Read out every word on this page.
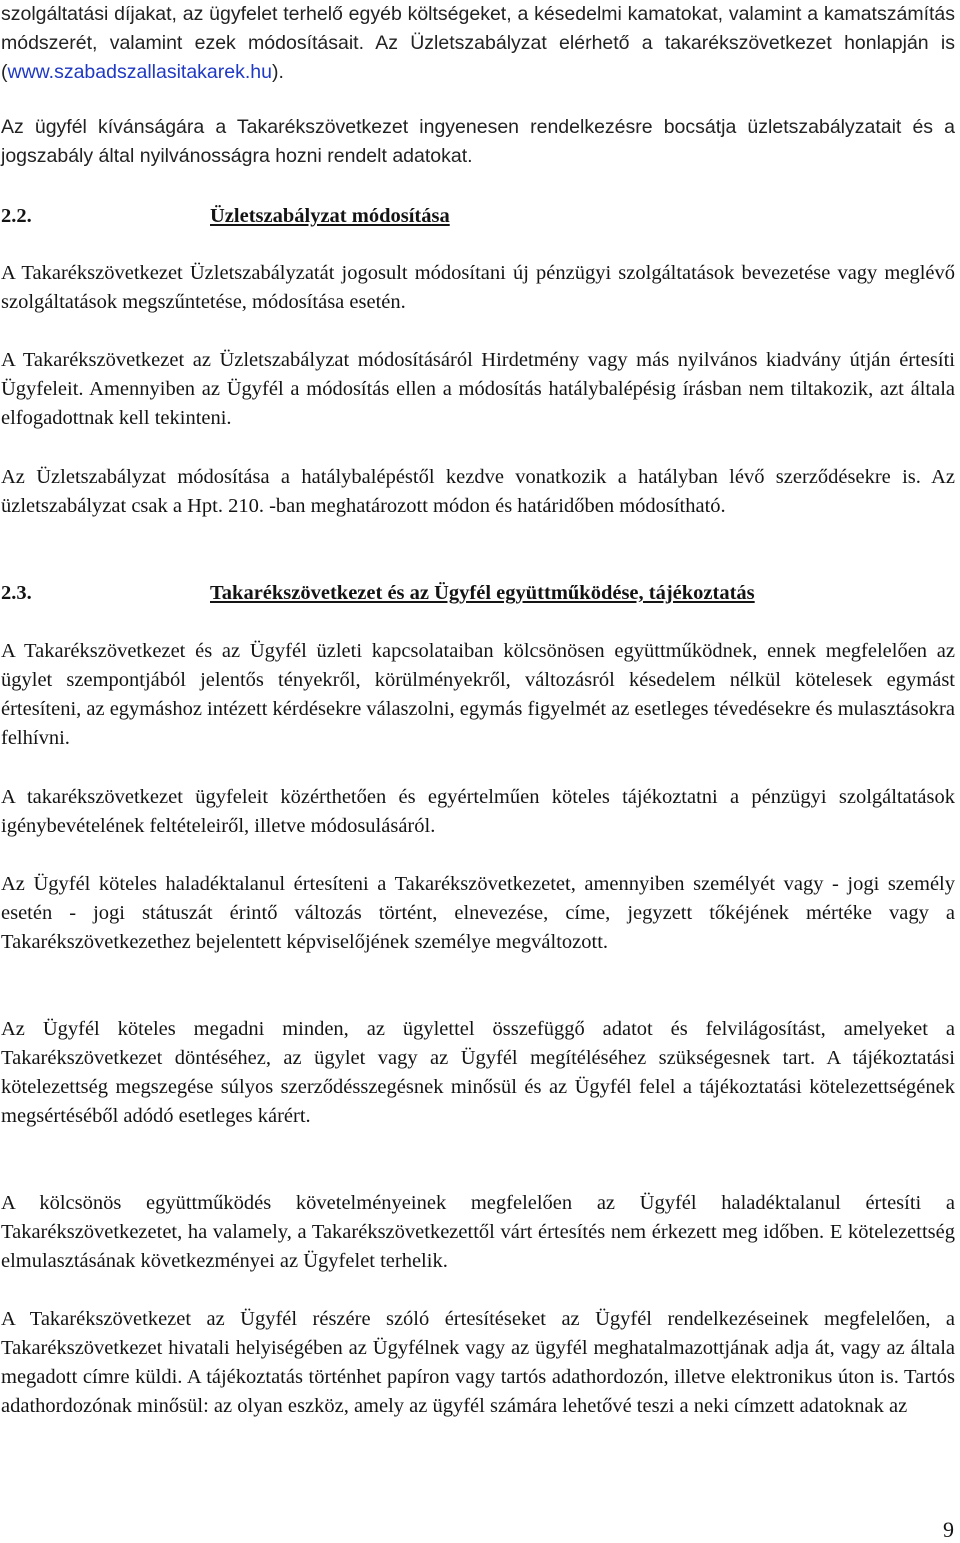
szolgáltatási díjakat, az ügyfelet terhelő egyéb költségeket, a késedelmi kamatokat, valamint a kamatszámítás módszerét, valamint ezek módosításait. Az Üzletszabályzat elérhető a takarékszövetkezet honlapján is (www.szabadszallasitakarek.hu).
Az ügyfél kívánságára a Takarékszövetkezet ingyenesen rendelkezésre bocsátja üzletszabályzatait és a jogszabály által nyilvánosságra hozni rendelt adatokat.
2.2.	Üzletszabályzat módosítása
A Takarékszövetkezet Üzletszabályzatát jogosult módosítani új pénzügyi szolgáltatások bevezetése vagy meglévő szolgáltatások megszűntetése, módosítása esetén.
A Takarékszövetkezet az Üzletszabályzat módosításáról Hirdetmény vagy más nyilvános kiadvány útján értesíti Ügyfeleit. Amennyiben az Ügyfél a módosítás ellen a módosítás hatálybalépésig írásban nem tiltakozik, azt általa elfogadottnak kell tekinteni.
Az Üzletszabályzat módosítása a hatálybalépéstől kezdve vonatkozik a hatályban lévő szerződésekre is. Az üzletszabályzat csak a Hpt. 210. -ban meghatározott módon és határidőben módosítható.
2.3.	Takarékszövetkezet és az Ügyfél együttműködése, tájékoztatás
A Takarékszövetkezet és az Ügyfél üzleti kapcsolataiban kölcsönösen együttműködnek, ennek megfelelően az ügylet szempontjából jelentős tényekről, körülményekről, változásról késedelem nélkül kötelesek egymást értesíteni, az egymáshoz intézett kérdésekre válaszolni, egymás figyelmét az esetleges tévedésekre és mulasztásokra felhívni.
A takarékszövetkezet ügyfeleit közérthetően és egyértelműen köteles tájékoztatni a pénzügyi szolgáltatások igénybevételének feltételeiről, illetve módosulásáról.
Az Ügyfél köteles haladéktalanul értesíteni a Takarékszövetkezetet, amennyiben személyét vagy - jogi személy esetén - jogi státuszát érintő változás történt, elnevezése, címe, jegyzett tőkéjének mértéke vagy a Takarékszövetkezethez bejelentett képviselőjének személye megváltozott.
Az Ügyfél köteles megadni minden, az ügylettel összefüggő adatot és felvilágosítást, amelyeket a Takarékszövetkezet döntéséhez, az ügylet vagy az Ügyfél megítéléséhez szükségesnek tart. A tájékoztatási kötelezettség megszegése súlyos szerződésszegésnek minősül és az Ügyfél felel a tájékoztatási kötelezettségének megsértéséből adódó esetleges kárért.
A kölcsönös együttműködés követelményeinek megfelelően az Ügyfél haladéktalanul értesíti a Takarékszövetkezetet, ha valamely, a Takarékszövetkezettől várt értesítés nem érkezett meg időben. E kötelezettség elmulasztásának következményei az Ügyfelet terhelik.
A Takarékszövetkezet az Ügyfél részére szóló értesítéseket az Ügyfél rendelkezéseinek megfelelően, a Takarékszövetkezet hivatali helyiségében az Ügyfélnek vagy az ügyfél meghatalmazottjának adja át, vagy az általa megadott címre küldi. A tájékoztatás történhet papíron vagy tartós adathordozón, illetve elektronikus úton is. Tartós adathordozónak minősül: az olyan eszköz, amely az ügyfél számára lehetővé teszi a neki címzett adatoknak az
9
